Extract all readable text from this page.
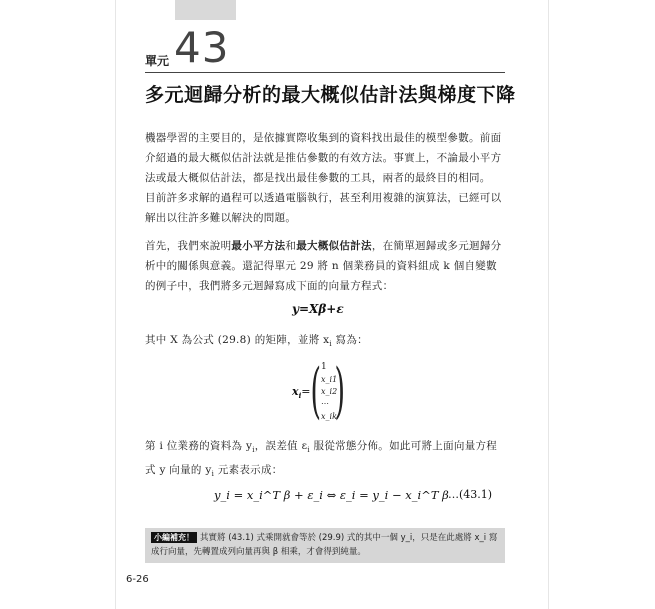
單元 43
多元迴歸分析的最大概似估計法與梯度下降
機器學習的主要目的，是依據實際收集到的資料找出最佳的模型參數。前面介紹過的最大概似估計法就是推估參數的有效方法。事實上，不論最小平方法或最大概似估計法，都是找出最佳參數的工具，兩者的最終目的相同。
目前許多求解的過程可以透過電腦執行，甚至利用複雜的演算法，已經可以解出以往許多難以解決的問題。
首先，我們來說明最小平方法和最大概似估計法，在簡單迴歸或多元迴歸分析中的關係與意義。還記得單元 29 將 n 個業務員的資料組成 k 個自變數的例子中，我們將多元迴歸寫成下面的向量方程式：
y=Xβ+ε
其中 X 為公式 (29.8) 的矩陣，並將 $x_i$ 寫為：
$x_i=$ ( )
1
x_i1
x_i2
⋯
x_ik
第 i 位業務的資料為 $y_i$，誤差值 $\varepsilon_i$ 服從常態分佈。如此可將上面向量方程式 y 向量的 $y_i$ 元素表示成：
y_i = x_i^T β + ε_i ⇔ ε_i = y_i − x_i^T β …(43.1)
小編補充！ 其實將 (43.1) 式乘開就會等於 (29.9) 式的其中一個 y_i，只是在此處將 x_i 寫成行向量，先轉置成列向量再與 β 相乘，才會得到純量。
6-26
